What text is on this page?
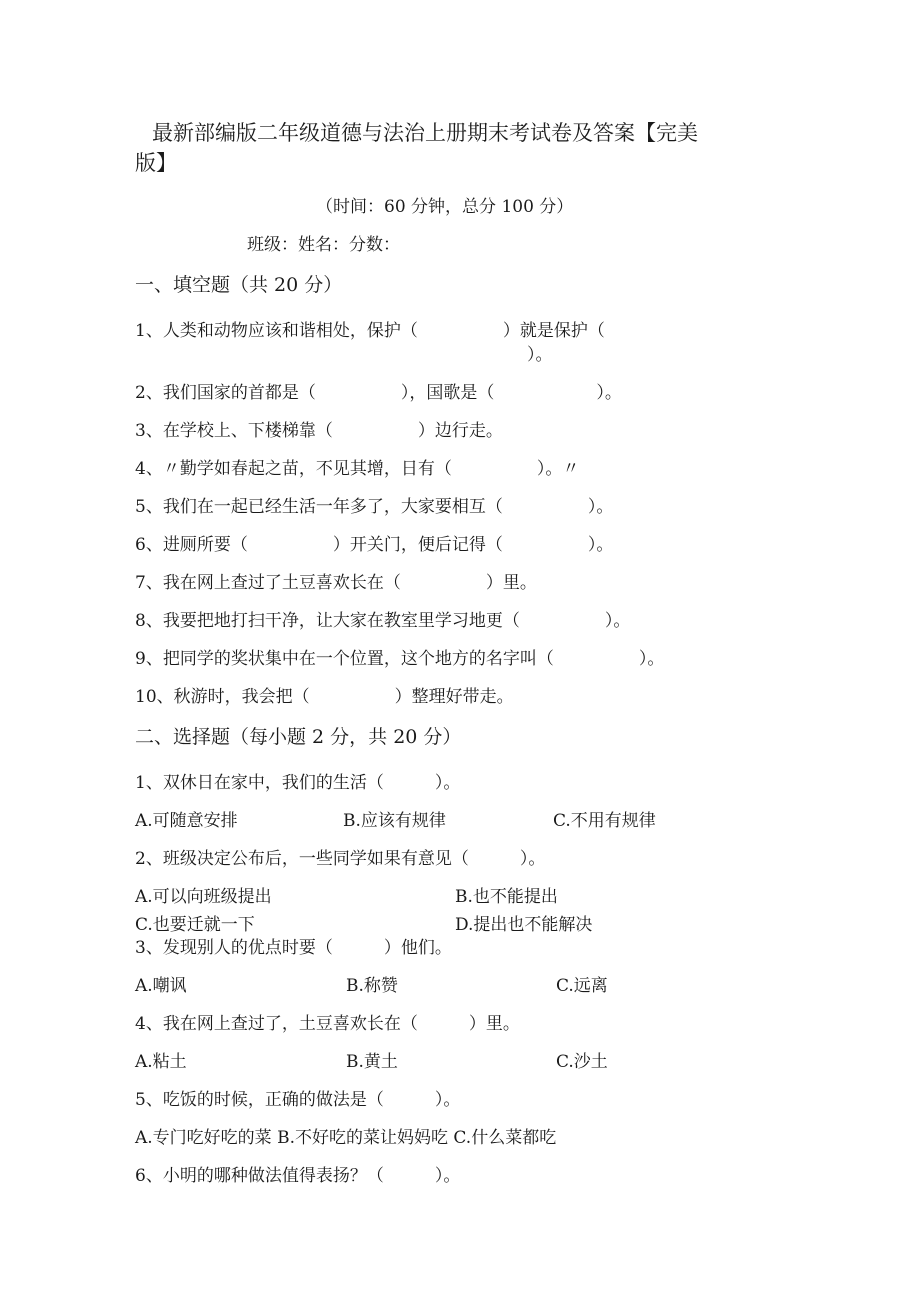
最新部编版二年级道德与法治上册期末考试卷及答案【完美
版】
（时间：60 分钟，总分 100 分）
班级：姓名：分数：
一、填空题（共 20 分）
1、人类和动物应该和谐相处，保护（　　　　　）就是保护（
）。
2、我们国家的首都是（　　　　　），国歌是（　　　　　　）。
3、在学校上、下楼梯靠（　　　　　）边行走。
4、〃勤学如春起之苗，不见其增，日有（　　　　　）。〃
5、我们在一起已经生活一年多了，大家要相互（　　　　　）。
6、进厕所要（　　　　　）开关门，便后记得（　　　　　）。
7、我在网上查过了土豆喜欢长在（　　　　　）里。
8、我要把地打扫干净，让大家在教室里学习地更（　　　　　）。
9、把同学的奖状集中在一个位置，这个地方的名字叫（　　　　　）。
10、秋游时，我会把（　　　　　）整理好带走。
二、选择题（每小题 2 分，共 20 分）
1、双休日在家中，我们的生活（　　　）。
A.可随意安排	B.应该有规律	C.不用有规律
2、班级决定公布后，一些同学如果有意见（　　　）。
A.可以向班级提出	B.也不能提出
C.也要迁就一下	D.提出也不能解决
3、发现别人的优点时要（　　　）他们。
A.嘲讽	B.称赞	C.远离
4、我在网上查过了，土豆喜欢长在（　　　）里。
A.粘土	B.黄土	C.沙土
5、吃饭的时候，正确的做法是（　　　）。
A.专门吃好吃的菜 B.不好吃的菜让妈妈吃 C.什么菜都吃
6、小明的哪种做法值得表扬？（　　　）。
